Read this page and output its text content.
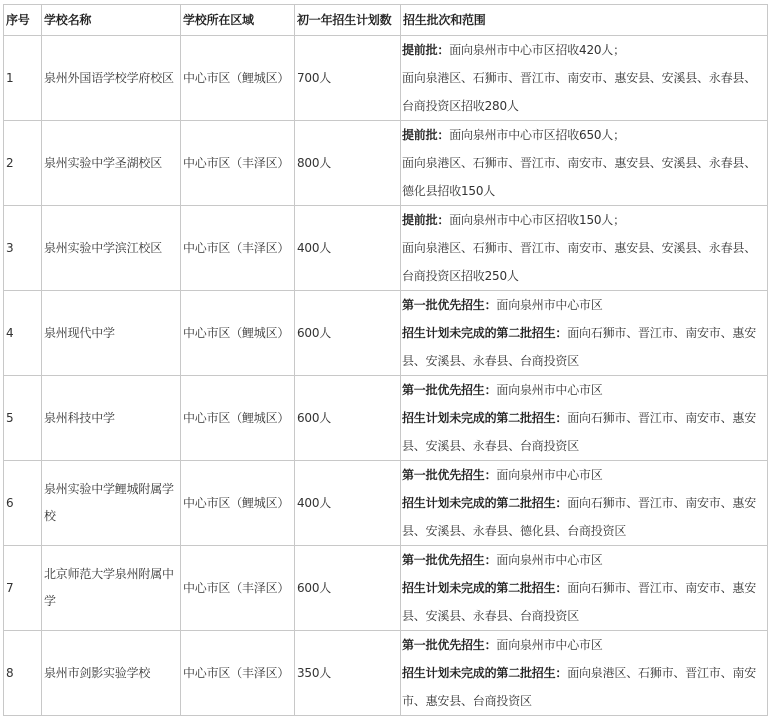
序号	学校名称	学校所在区域	初一年招生计划数	招生批次和范围
1	泉州外国语学校学府校区	中心市区（鲤城区）	700人	提前批：面向泉州市中心市区招收420人；
面向泉港区、石狮市、晋江市、南安市、惠安县、安溪县、永春县、台商投资区招收280人

2	泉州实验中学圣湖校区	中心市区（丰泽区）	800人	提前批：面向泉州市中心市区招收650人；
面向泉港区、石狮市、晋江市、南安市、惠安县、安溪县、永春县、德化县招收150人

3	泉州实验中学滨江校区	中心市区（丰泽区）	400人	提前批：面向泉州市中心市区招收150人；
面向泉港区、石狮市、晋江市、南安市、惠安县、安溪县、永春县、台商投资区招收250人

4	泉州现代中学	中心市区（鲤城区）	600人	第一批优先招生：面向泉州市中心市区
招生计划未完成的第二批招生：面向石狮市、晋江市、南安市、惠安县、安溪县、永春县、台商投资区

5	泉州科技中学	中心市区（鲤城区）	600人	第一批优先招生：面向泉州市中心市区
招生计划未完成的第二批招生：面向石狮市、晋江市、南安市、惠安县、安溪县、永春县、台商投资区

6	泉州实验中学鲤城附属学校	中心市区（鲤城区）	400人	第一批优先招生：面向泉州市中心市区
招生计划未完成的第二批招生：面向石狮市、晋江市、南安市、惠安县、安溪县、永春县、德化县、台商投资区

7	北京师范大学泉州附属中学	中心市区（丰泽区）	600人	第一批优先招生：面向泉州市中心市区
招生计划未完成的第二批招生：面向石狮市、晋江市、南安市、惠安县、安溪县、永春县、台商投资区

8	泉州市剑影实验学校	中心市区（丰泽区）	350人	第一批优先招生：面向泉州市中心市区
招生计划未完成的第二批招生：面向泉港区、石狮市、晋江市、南安市、惠安县、台商投资区
